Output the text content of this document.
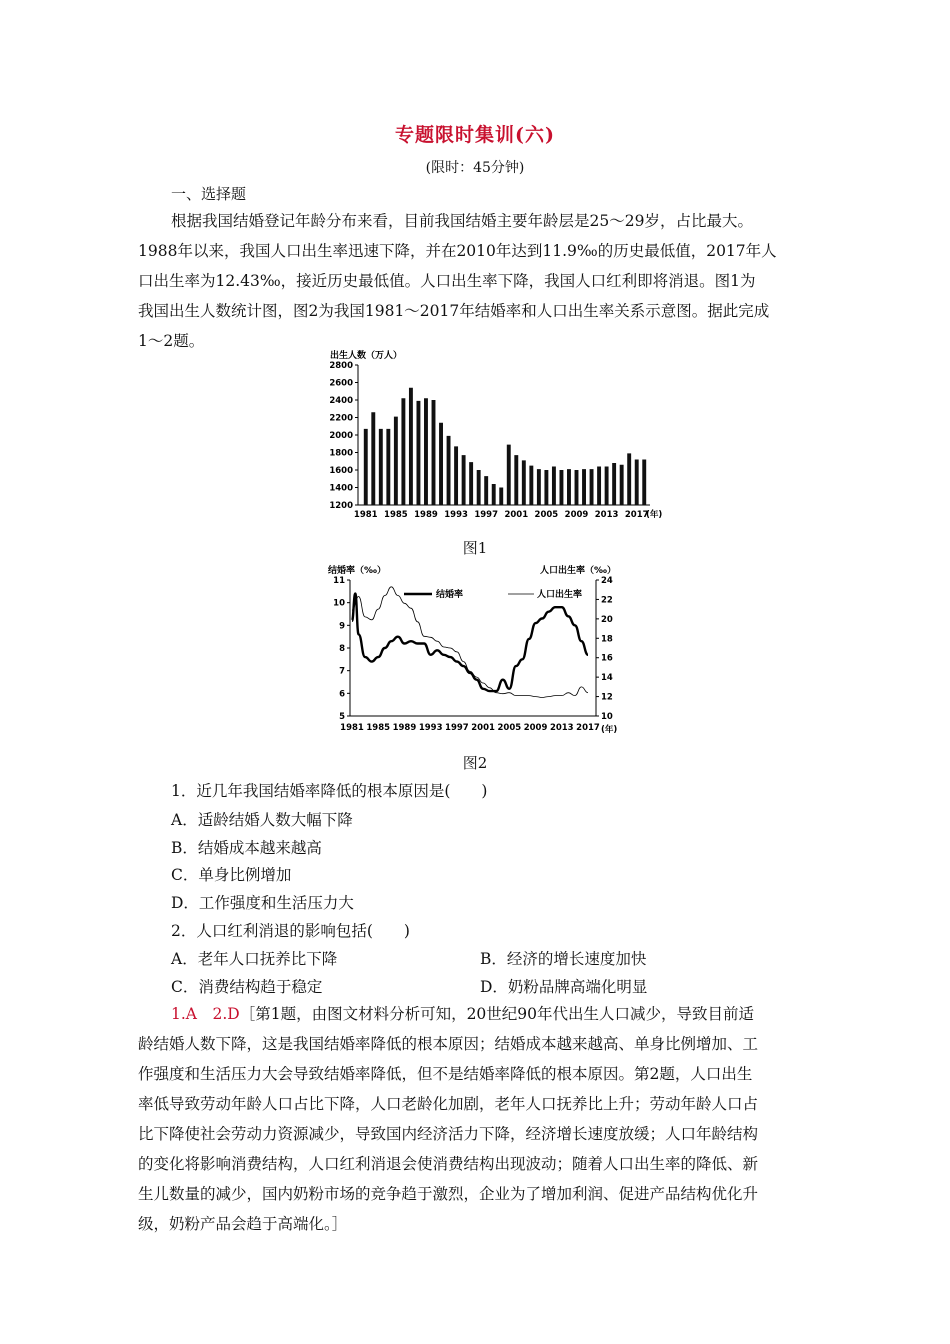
专题限时集训(六)
(限时：45分钟)
一、选择题
根据我国结婚登记年龄分布来看，目前我国结婚主要年龄层是25～29岁，占比最大。
1988年以来，我国人口出生率迅速下降，并在2010年达到11.9‰的历史最低值，2017年人
口出生率为12.43‰，接近历史最低值。人口出生率下降，我国人口红利即将消退。图1为
我国出生人数统计图，图2为我国1981～2017年结婚率和人口出生率关系示意图。据此完成
1～2题。
出生人数（万人）
1200
1400
1600
1800
2000
2200
2400
2600
2800
1981 1985 1989 1993 1997 2001 2005 2009 2013 2017
(年)
图1
结婚率（‰）	人口出生率（‰）
5
6
7
8
9
10
11
10
12
14
16
18
20
22
24
1981 1985 1989 1993 1997 2001 2005 2009 2013 2017
结婚率	人口出生率
(年)
图2
1．近几年我国结婚率降低的根本原因是(　　)
A．适龄结婚人数大幅下降
B．结婚成本越来越高
C．单身比例增加
D．工作强度和生活压力大
2．人口红利消退的影响包括(　　)
A．老年人口抚养比下降	B．经济的增长速度加快
C．消费结构趋于稳定	D．奶粉品牌高端化明显
1.A　2.D［第1题，由图文材料分析可知，20世纪90年代出生人口减少，导致目前适
龄结婚人数下降，这是我国结婚率降低的根本原因；结婚成本越来越高、单身比例增加、工
作强度和生活压力大会导致结婚率降低，但不是结婚率降低的根本原因。第2题，人口出生
率低导致劳动年龄人口占比下降，人口老龄化加剧，老年人口抚养比上升；劳动年龄人口占
比下降使社会劳动力资源减少，导致国内经济活力下降，经济增长速度放缓；人口年龄结构
的变化将影响消费结构，人口红利消退会使消费结构出现波动；随着人口出生率的降低、新
生儿数量的减少，国内奶粉市场的竞争趋于激烈，企业为了增加利润、促进产品结构优化升
级，奶粉产品会趋于高端化。］
